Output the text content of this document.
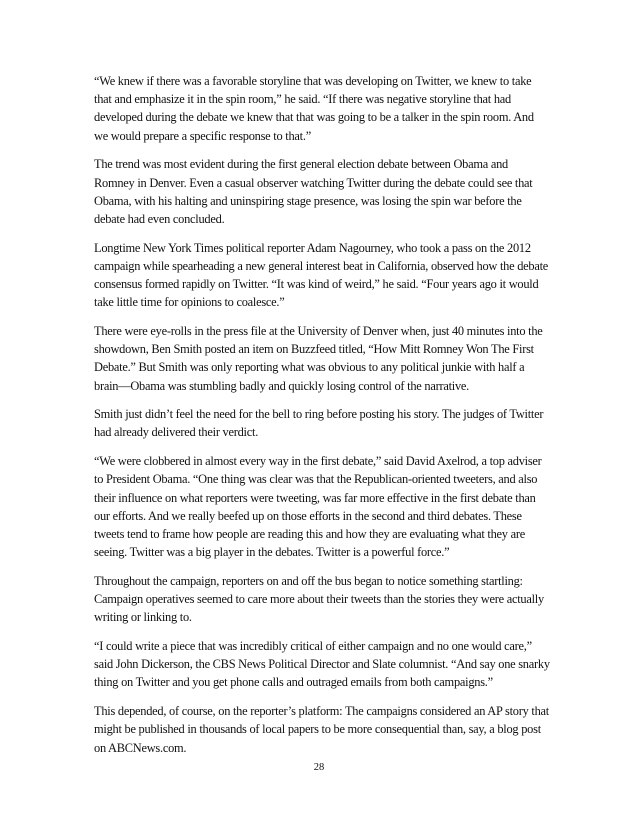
“We knew if there was a favorable storyline that was developing on Twitter, we knew to take that and emphasize it in the spin room,” he said. “If there was negative storyline that had developed during the debate we knew that that was going to be a talker in the spin room. And we would prepare a specific response to that.”

The trend was most evident during the first general election debate between Obama and Romney in Denver. Even a casual observer watching Twitter during the debate could see that Obama, with his halting and uninspiring stage presence, was losing the spin war before the debate had even concluded.

Longtime New York Times political reporter Adam Nagourney, who took a pass on the 2012 campaign while spearheading a new general interest beat in California, observed how the debate consensus formed rapidly on Twitter. “It was kind of weird,” he said. “Four years ago it would take little time for opinions to coalesce.”

There were eye-rolls in the press file at the University of Denver when, just 40 minutes into the showdown, Ben Smith posted an item on Buzzfeed titled, “How Mitt Romney Won The First Debate.” But Smith was only reporting what was obvious to any political junkie with half a brain—Obama was stumbling badly and quickly losing control of the narrative.

Smith just didn’t feel the need for the bell to ring before posting his story. The judges of Twitter had already delivered their verdict.

“We were clobbered in almost every way in the first debate,” said David Axelrod, a top adviser to President Obama. “One thing was clear was that the Republican-oriented tweeters, and also their influence on what reporters were tweeting, was far more effective in the first debate than our efforts. And we really beefed up on those efforts in the second and third debates. These tweets tend to frame how people are reading this and how they are evaluating what they are seeing. Twitter was a big player in the debates. Twitter is a powerful force.”

Throughout the campaign, reporters on and off the bus began to notice something startling: Campaign operatives seemed to care more about their tweets than the stories they were actually writing or linking to.

“I could write a piece that was incredibly critical of either campaign and no one would care,” said John Dickerson, the CBS News Political Director and Slate columnist. “And say one snarky thing on Twitter and you get phone calls and outraged emails from both campaigns.”

This depended, of course, on the reporter’s platform: The campaigns considered an AP story that might be published in thousands of local papers to be more consequential than, say, a blog post on ABCNews.com.

28
